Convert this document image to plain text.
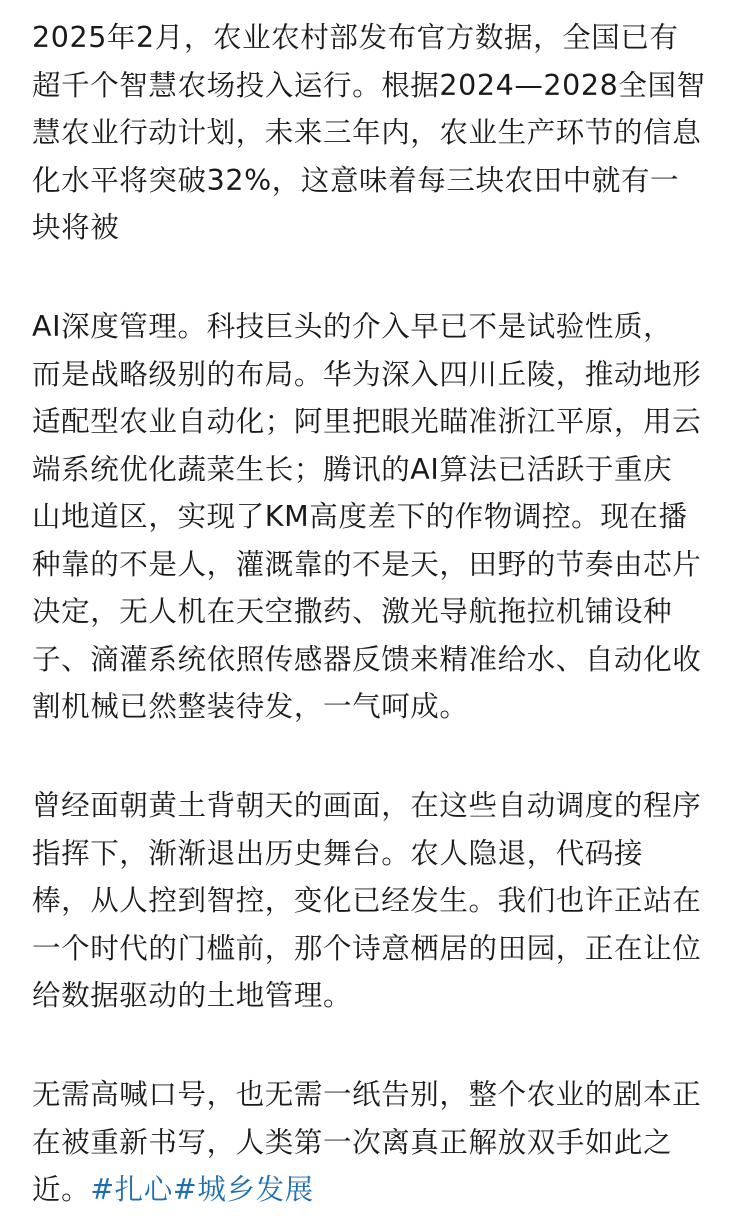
2025年2月，农业农村部发布官方数据，全国已有
超千个智慧农场投入运行。根据2024—2028全国智
慧农业行动计划，未来三年内，农业生产环节的信息
化水平将突破32%，这意味着每三块农田中就有一
块将被
AI深度管理。科技巨头的介入早已不是试验性质，
而是战略级别的布局。华为深入四川丘陵，推动地形
适配型农业自动化；阿里把眼光瞄准浙江平原，用云
端系统优化蔬菜生长；腾讯的AI算法已活跃于重庆
山地道区，实现了KM高度差下的作物调控。现在播
种靠的不是人，灌溉靠的不是天，田野的节奏由芯片
决定，无人机在天空撒药、激光导航拖拉机铺设种
子、滴灌系统依照传感器反馈来精准给水、自动化收
割机械已然整装待发，一气呵成。
曾经面朝黄土背朝天的画面，在这些自动调度的程序
指挥下，渐渐退出历史舞台。农人隐退，代码接
棒，从人控到智控，变化已经发生。我们也许正站在
一个时代的门槛前，那个诗意栖居的田园，正在让位
给数据驱动的土地管理。
无需高喊口号，也无需一纸告别，整个农业的剧本正
在被重新书写，人类第一次离真正解放双手如此之
近。#扎心#城乡发展
